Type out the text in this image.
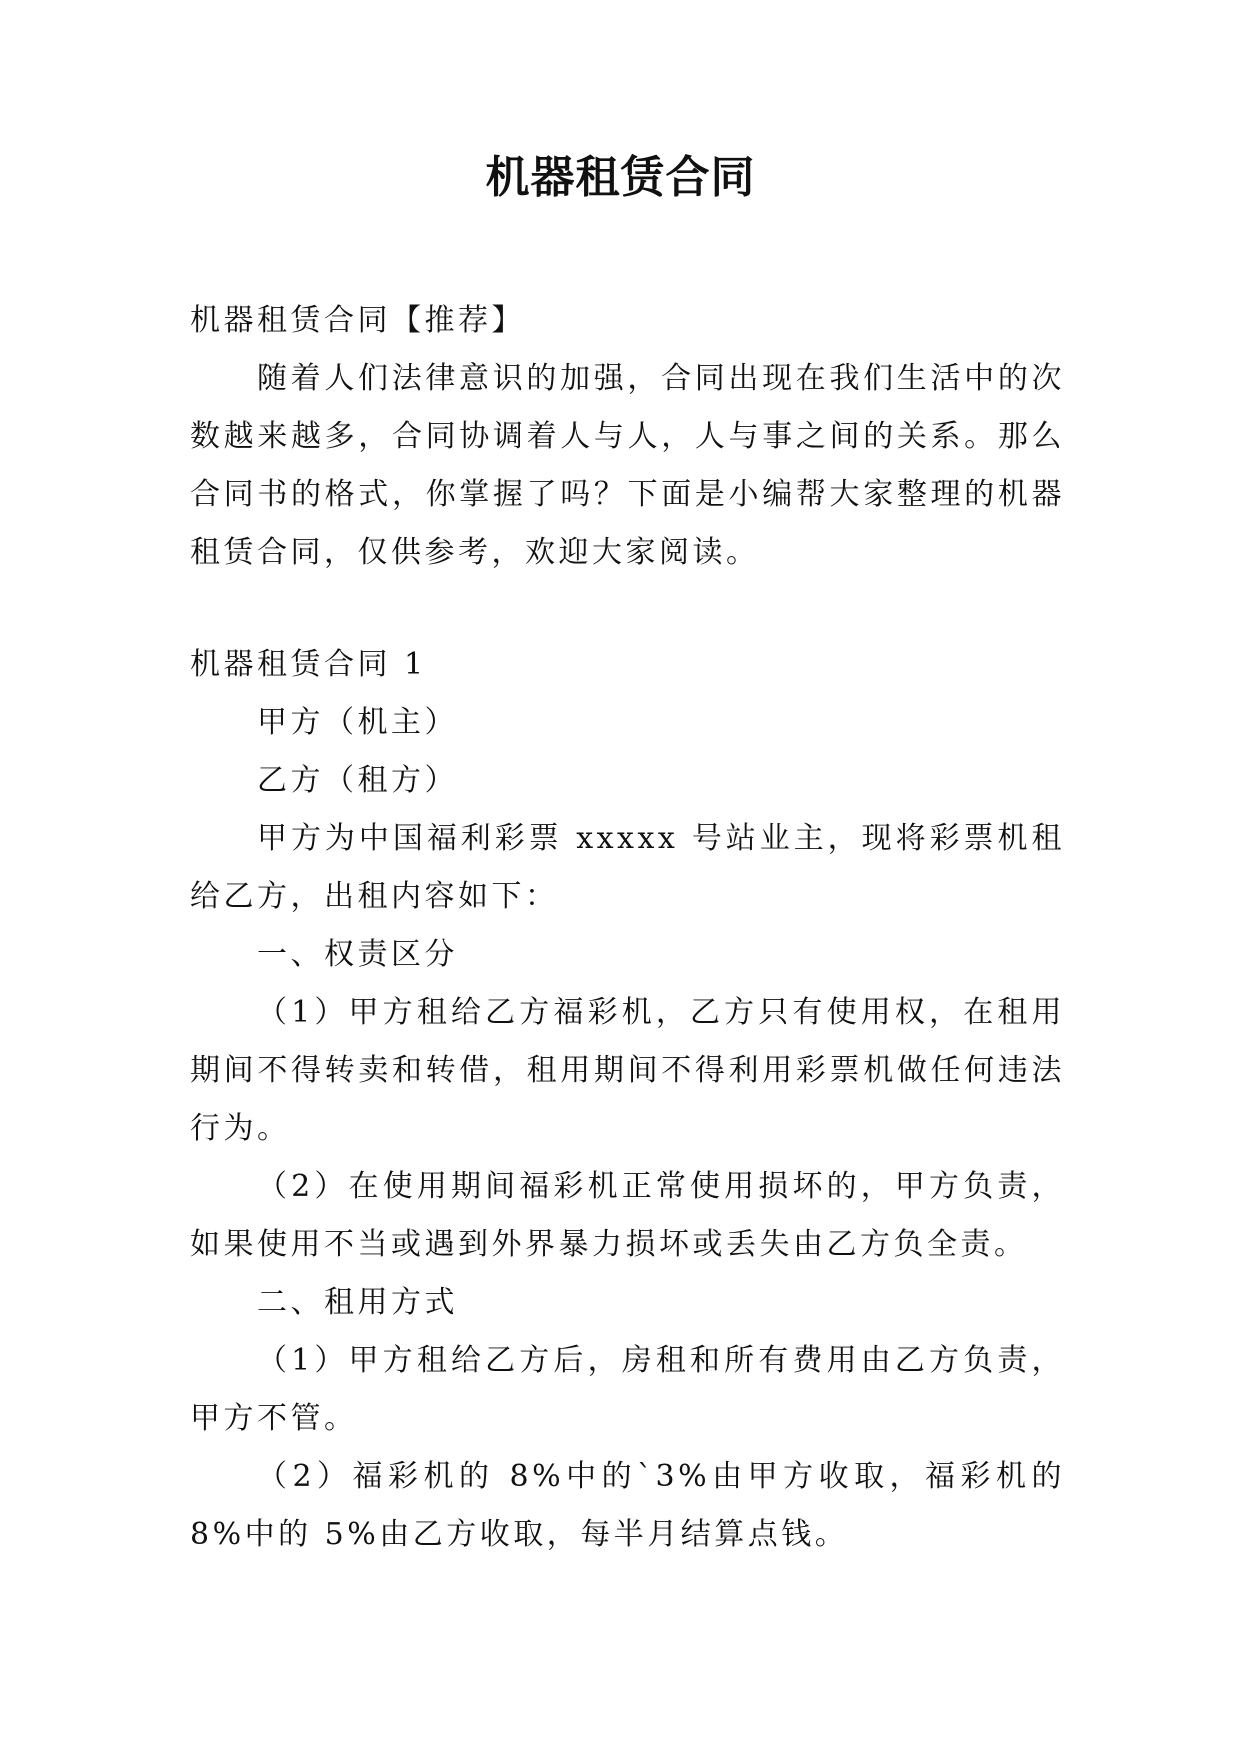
机器租赁合同

机器租赁合同【推荐】

随着人们法律意识的加强，合同出现在我们生活中的次数越来越多，合同协调着人与人，人与事之间的关系。那么合同书的格式，你掌握了吗？下面是小编帮大家整理的机器租赁合同，仅供参考，欢迎大家阅读。

机器租赁合同 1

甲方（机主）

乙方（租方）

甲方为中国福利彩票 xxxxx 号站业主，现将彩票机租给乙方，出租内容如下：

一、权责区分

（1）甲方租给乙方福彩机，乙方只有使用权，在租用期间不得转卖和转借，租用期间不得利用彩票机做任何违法行为。

（2）在使用期间福彩机正常使用损坏的，甲方负责，如果使用不当或遇到外界暴力损坏或丢失由乙方负全责。

二、租用方式

（1）甲方租给乙方后，房租和所有费用由乙方负责，甲方不管。

（2）福彩机的 8%中的`3%由甲方收取，福彩机的 8%中的 5%由乙方收取，每半月结算点钱。
